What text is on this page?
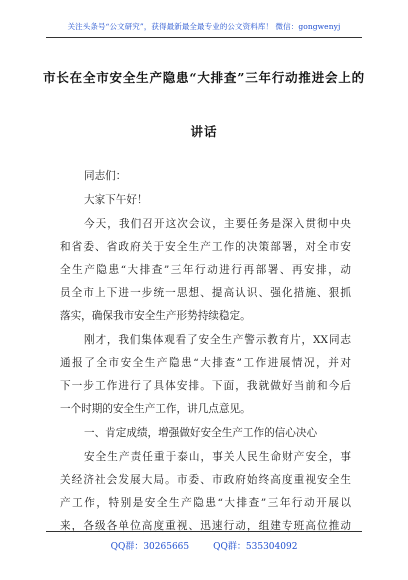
关注头条号“公文研究”，获得最新最全最专业的公文资料库！ 微信：gongwenyj
市长在全市安全生产隐患“大排查”三年行动推进会上的
讲话
同志们：
大家下午好！
今天，我们召开这次会议，主要任务是深入贯彻中央
和省委、省政府关于安全生产工作的决策部署，对全市安
全生产隐患“大排查”三年行动进行再部署、再安排，动
员全市上下进一步统一思想、提高认识、强化措施、狠抓
落实，确保我市安全生产形势持续稳定。
刚才，我们集体观看了安全生产警示教育片，XX同志
通报了全市安全生产隐患“大排查”工作进展情况，并对
下一步工作进行了具体安排。下面，我就做好当前和今后
一个时期的安全生产工作，讲几点意见。
一、肯定成绩，增强做好安全生产工作的信心决心
安全生产责任重于泰山，事关人民生命财产安全，事
关经济社会发展大局。市委、市政府始终高度重视安全生
产工作，特别是安全生产隐患“大排查”三年行动开展以
来，各级各单位高度重视、迅速行动，组建专班高位推动
QQ群：30265665	QQ群：535304092
